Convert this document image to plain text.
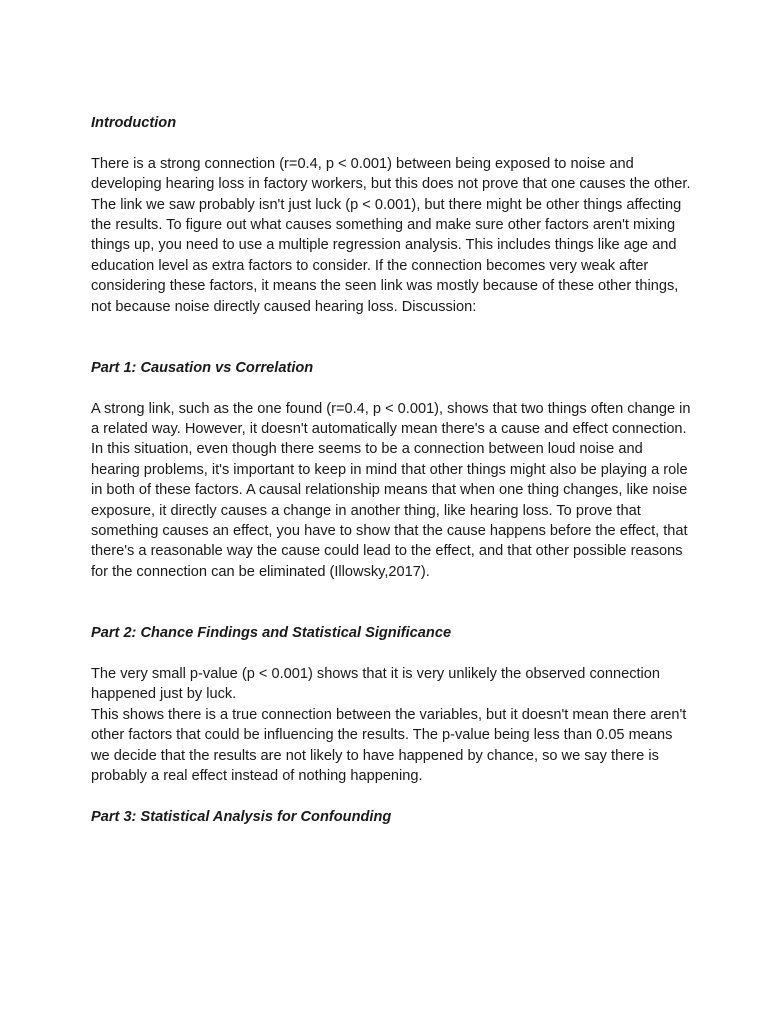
Introduction

There is a strong connection (r=0.4, p < 0.001) between being exposed to noise and developing hearing loss in factory workers, but this does not prove that one causes the other. The link we saw probably isn't just luck (p < 0.001), but there might be other things affecting the results. To figure out what causes something and make sure other factors aren't mixing things up, you need to use a multiple regression analysis. This includes things like age and education level as extra factors to consider. If the connection becomes very weak after considering these factors, it means the seen link was mostly because of these other things, not because noise directly caused hearing loss. Discussion:

Part 1: Causation vs Correlation

A strong link, such as the one found (r=0.4, p < 0.001), shows that two things often change in a related way. However, it doesn't automatically mean there's a cause and effect connection. In this situation, even though there seems to be a connection between loud noise and hearing problems, it's important to keep in mind that other things might also be playing a role in both of these factors. A causal relationship means that when one thing changes, like noise exposure, it directly causes a change in another thing, like hearing loss. To prove that something causes an effect, you have to show that the cause happens before the effect, that there's a reasonable way the cause could lead to the effect, and that other possible reasons for the connection can be eliminated (Illowsky,2017).

Part 2: Chance Findings and Statistical Significance

The very small p-value (p < 0.001) shows that it is very unlikely the observed connection happened just by luck.

This shows there is a true connection between the variables, but it doesn't mean there aren't other factors that could be influencing the results. The p-value being less than 0.05 means we decide that the results are not likely to have happened by chance, so we say there is probably a real effect instead of nothing happening.

Part 3: Statistical Analysis for Confounding
